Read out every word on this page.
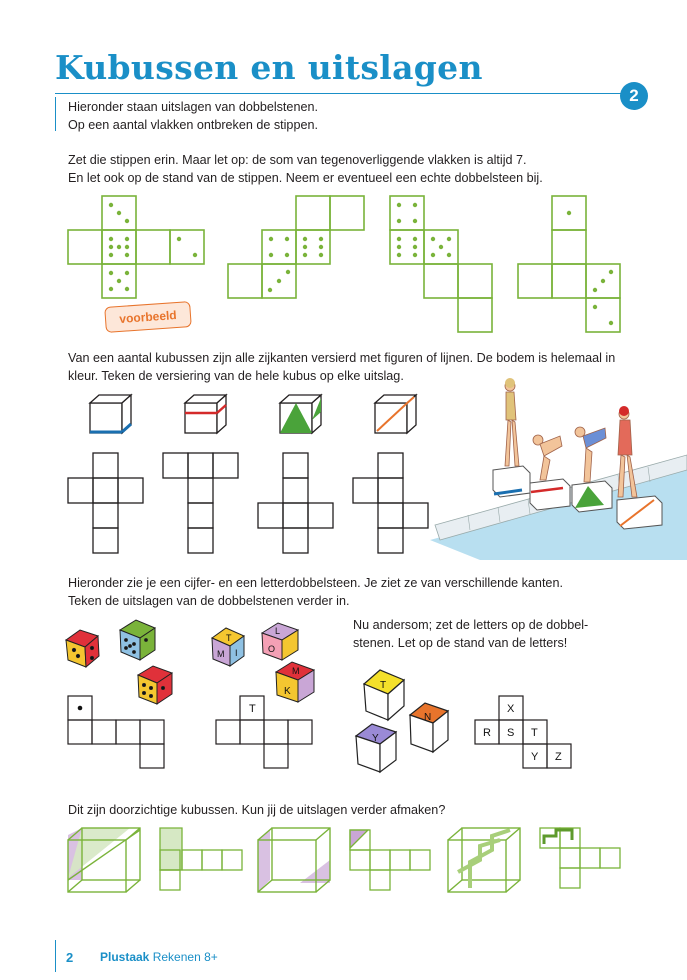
Kubussen en uitslagen
2
Hieronder staan uitslagen van dobbelstenen.
Op een aantal vlakken ontbreken de stippen.
Zet die stippen erin. Maar let op: de som van tegenoverliggende vlakken is altijd 7.
En let ook op de stand van de stippen. Neem er eventueel een echte dobbelsteen bij.
voorbeeld
Van een aantal kubussen zijn alle zijkanten versierd met figuren of lijnen. De bodem is helemaal in
kleur. Teken de versiering van de hele kubus op elke uitslag.
Hieronder zie je een cijfer- en een letterdobbelsteen. Je ziet ze van verschillende kanten.
Teken de uitslagen van de dobbelstenen verder in.
Nu andersom; zet de letters op de dobbel-
stenen. Let op de stand van de letters!
T
M I
L
O
K
M
T	X
R S T
Y Z
T
N
Y
Dit zijn doorzichtige kubussen. Kun jij de uitslagen verder afmaken?
2 Plustaak Rekenen 8+
